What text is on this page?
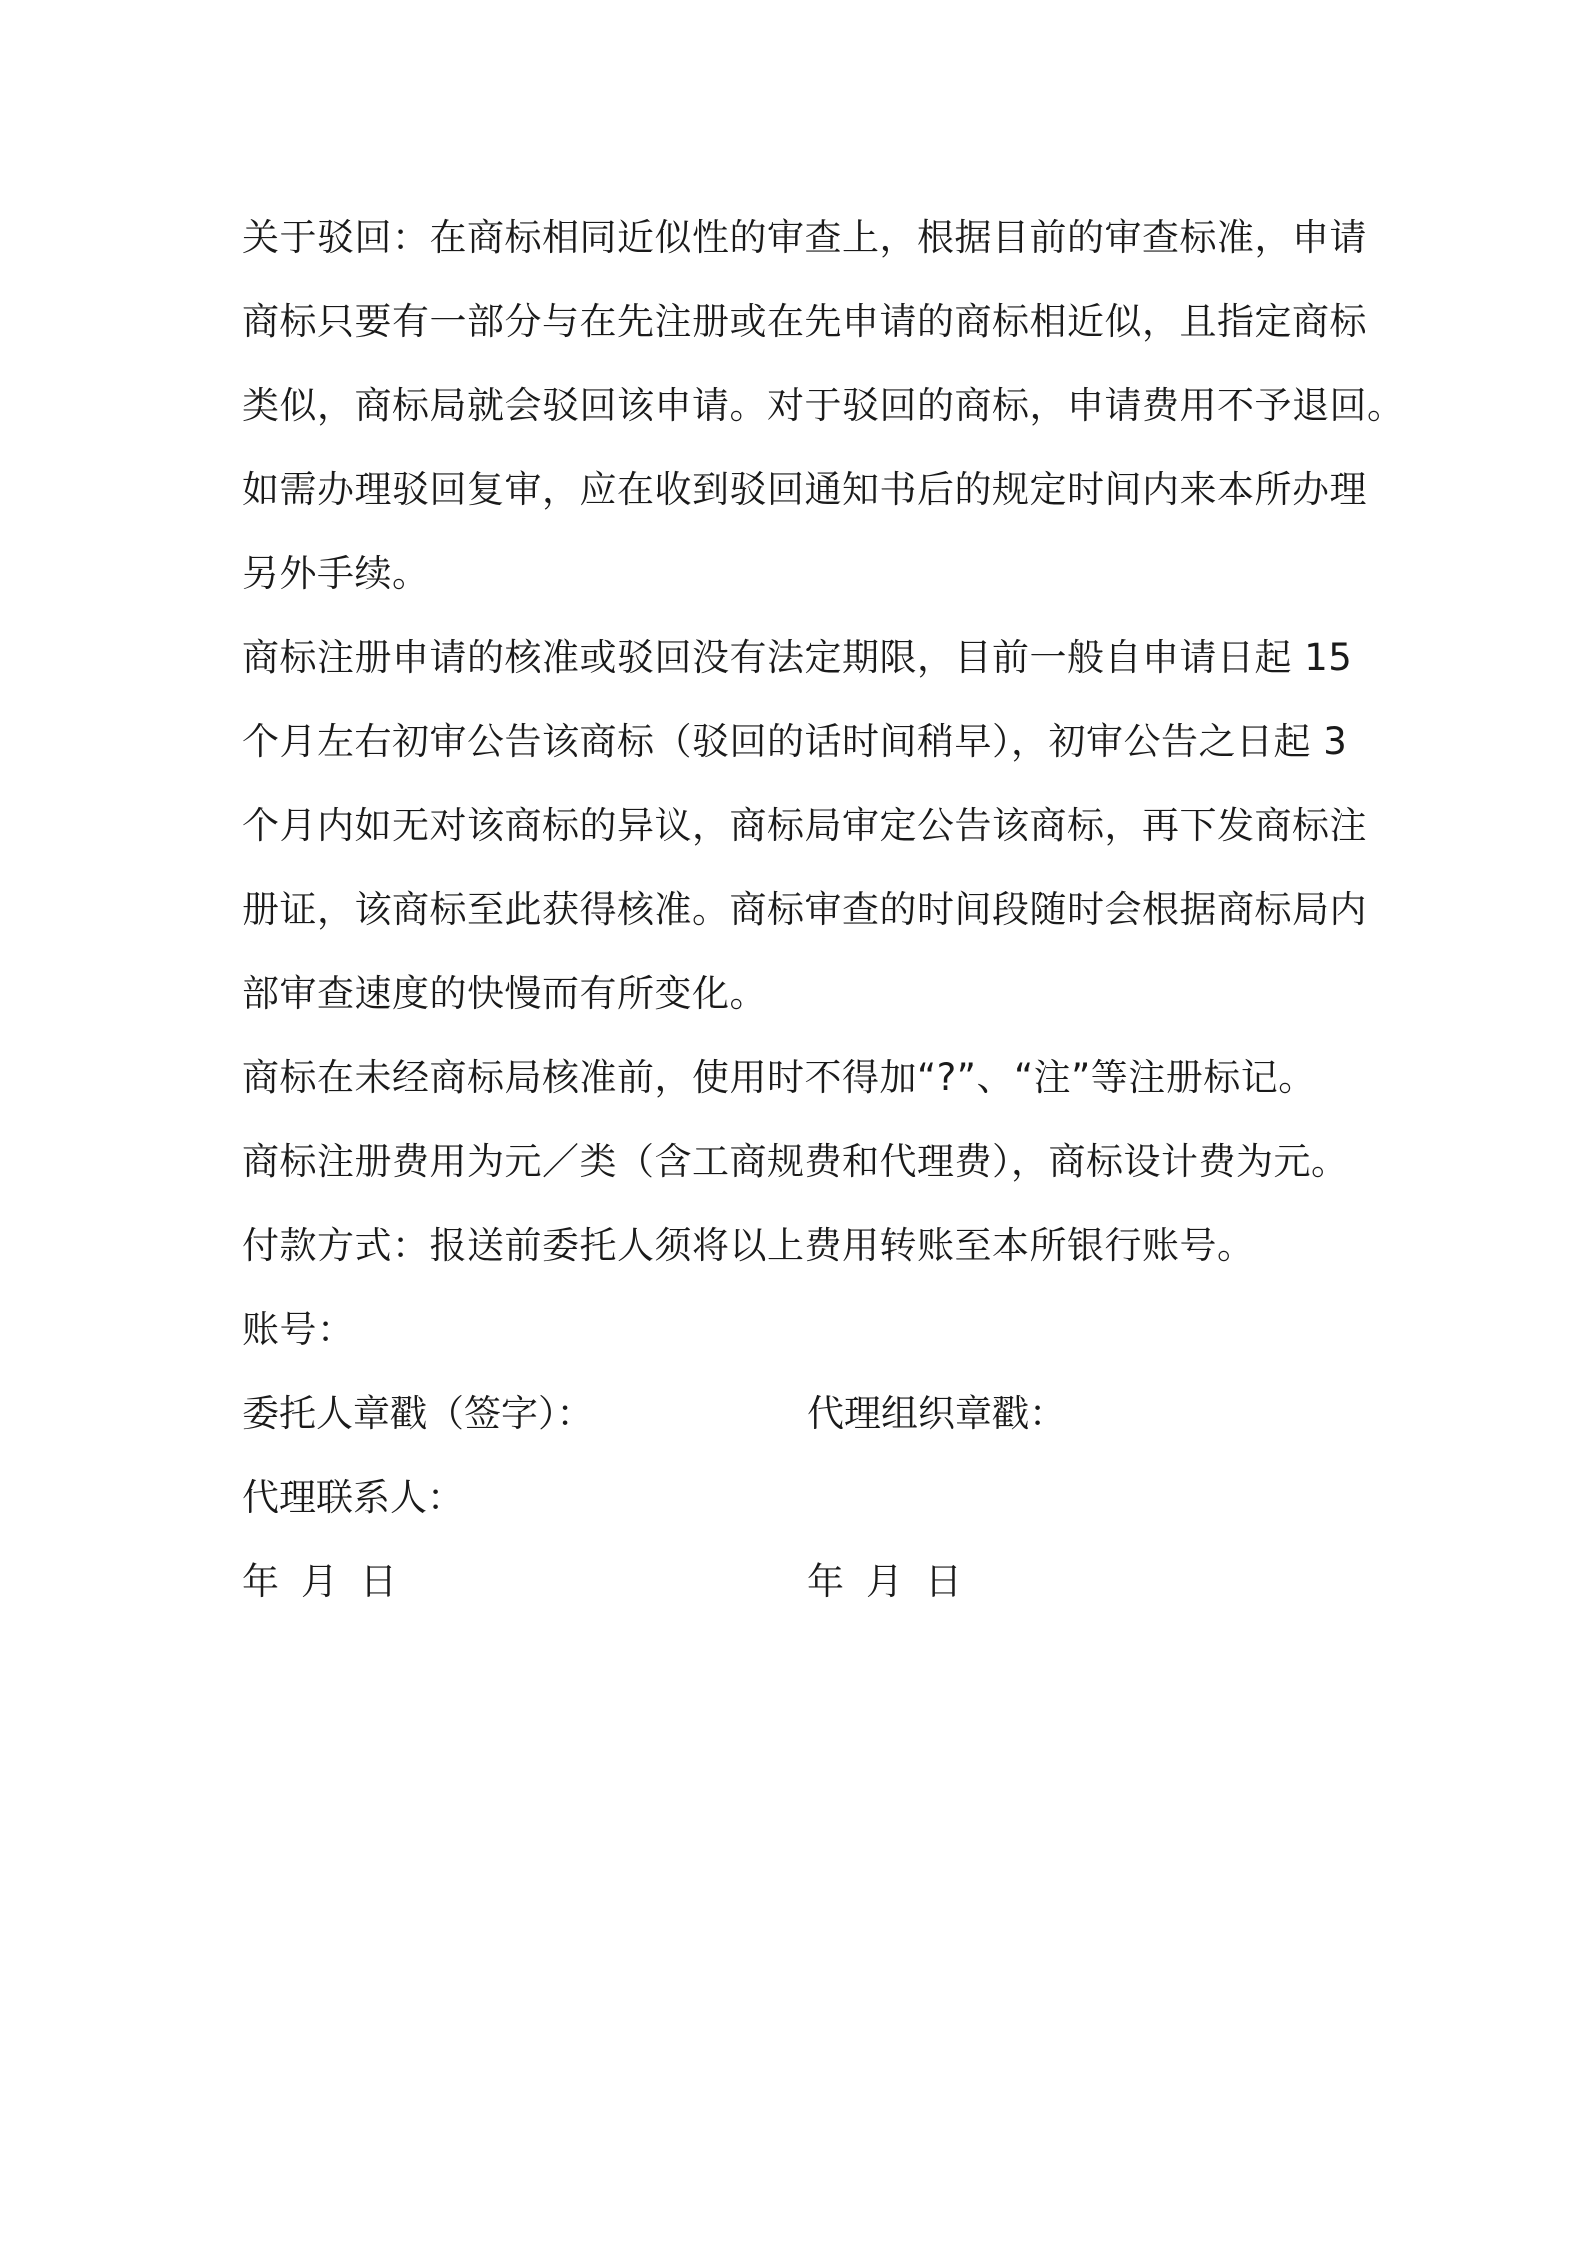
关于驳回：在商标相同近似性的审查上，根据目前的审查标准，申请
商标只要有一部分与在先注册或在先申请的商标相近似，且指定商标
类似，商标局就会驳回该申请。对于驳回的商标，申请费用不予退回。
如需办理驳回复审，应在收到驳回通知书后的规定时间内来本所办理
另外手续。
商标注册申请的核准或驳回没有法定期限，目前一般自申请日起 15
个月左右初审公告该商标（驳回的话时间稍早），初审公告之日起 3
个月内如无对该商标的异议，商标局审定公告该商标，再下发商标注
册证，该商标至此获得核准。商标审查的时间段随时会根据商标局内
部审查速度的快慢而有所变化。
商标在未经商标局核准前，使用时不得加“?”、“注”等注册标记。
商标注册费用为元／类（含工商规费和代理费），商标设计费为元。
付款方式：报送前委托人须将以上费用转账至本所银行账号。
账号：
委托人章戳（签字）：	代理组织章戳：
代理联系人：
年 月 日	年 月 日
